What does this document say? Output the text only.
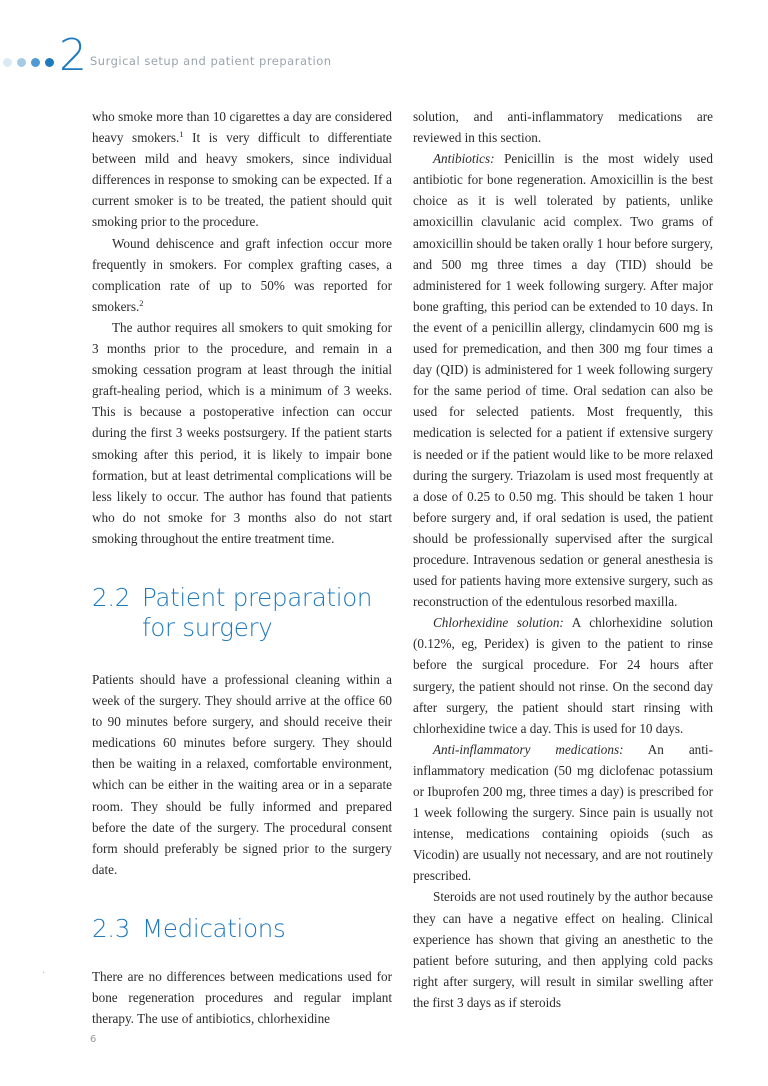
2 Surgical setup and patient preparation

who smoke more than 10 cigarettes a day are considered heavy smokers.$^1$ It is very difficult to differentiate between mild and heavy smokers, since individual differences in response to smoking can be expected. If a current smoker is to be treated, the patient should quit smoking prior to the procedure.

Wound dehiscence and graft infection occur more frequently in smokers. For complex grafting cases, a complication rate of up to 50% was reported for smokers.$^2$

The author requires all smokers to quit smoking for 3 months prior to the procedure, and remain in a smoking cessation program at least through the initial graft-healing period, which is a minimum of 3 weeks. This is because a postoperative infection can occur during the first 3 weeks postsurgery. If the patient starts smoking after this period, it is likely to impair bone formation, but at least detrimental complications will be less likely to occur. The author has found that patients who do not smoke for 3 months also do not start smoking throughout the entire treatment time.

2.2 Patient preparation for surgery

Patients should have a professional cleaning within a week of the surgery. They should arrive at the office 60 to 90 minutes before surgery, and should receive their medications 60 minutes before surgery. They should then be waiting in a relaxed, comfortable environment, which can be either in the waiting area or in a separate room. They should be fully informed and prepared before the date of the surgery. The procedural consent form should preferably be signed prior to the surgery date.

2.3 Medications

There are no differences between medications used for bone regeneration procedures and regular implant therapy. The use of antibiotics, chlorhexidine

solution, and anti-inflammatory medications are reviewed in this section.

Antibiotics: Penicillin is the most widely used antibiotic for bone regeneration. Amoxicillin is the best choice as it is well tolerated by patients, unlike amoxicillin clavulanic acid complex. Two grams of amoxicillin should be taken orally 1 hour before surgery, and 500 mg three times a day (TID) should be administered for 1 week following surgery. After major bone grafting, this period can be extended to 10 days. In the event of a penicillin allergy, clindamycin 600 mg is used for premedication, and then 300 mg four times a day (QID) is administered for 1 week following surgery for the same period of time. Oral sedation can also be used for selected patients. Most frequently, this medication is selected for a patient if extensive surgery is needed or if the patient would like to be more relaxed during the surgery. Triazolam is used most frequently at a dose of 0.25 to 0.50 mg. This should be taken 1 hour before surgery and, if oral sedation is used, the patient should be professionally supervised after the surgical procedure. Intravenous sedation or general anesthesia is used for patients having more extensive surgery, such as reconstruction of the edentulous resorbed maxilla.

Chlorhexidine solution: A chlorhexidine solution (0.12%, eg, Peridex) is given to the patient to rinse before the surgical procedure. For 24 hours after surgery, the patient should not rinse. On the second day after surgery, the patient should start rinsing with chlorhexidine twice a day. This is used for 10 days.

Anti-inflammatory medications: An anti-inflammatory medication (50 mg diclofenac potassium or Ibuprofen 200 mg, three times a day) is prescribed for 1 week following the surgery. Since pain is usually not intense, medications containing opioids (such as Vicodin) are usually not necessary, and are not routinely prescribed.

Steroids are not used routinely by the author because they can have a negative effect on healing. Clinical experience has shown that giving an anesthetic to the patient before suturing, and then applying cold packs right after surgery, will result in similar swelling after the first 3 days as if steroids

·
6
